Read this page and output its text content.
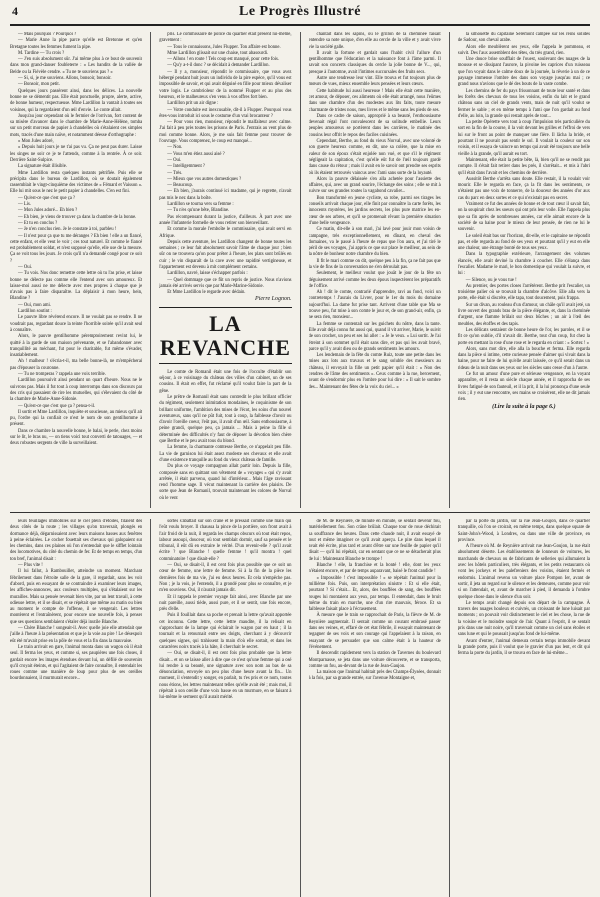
4	Le Progrès Illustré

— Mais pourquoi ? Pourquoi ?

— Marie Anne la pipe parce qu'elle est Bretonne et qu'en Bretagne toutes les femmes fument la pipe.

M. Tardine — Tu crois ?

— J'en suis absolument sûr. J'ai même plus à ce bout de souvenir dans mon grand-danser foubleterre : « Les bandits de la vallée de Belde ou la Fiévèle cendre. « Tu ne te souviens pas ? »

— Si, si, je me souviens. Allons, bonsoir, bonsoir.

— Bonsoir, mon petit.

Quelques jours passèrent ainsi, dans les délices. La nouvelle bonne ne se démentit pas. Elle était ponctuelle, propre, alerte, active, de bonne humeur, respectueuse. Mme Lardillon la vantait à toutes ses voisines, qui la regardaient d'un œil d'envie. Le conte allait.

Jusqu'au jour cependant où le fermier de l'orrivan, fort content de sa misère d'avancer dans le chambre de Marie-Anne-Hélène, tomba sur un petit morceau de papier à chandelles où s'étalaient ces simples mots, tracés d'une main naïve, et notamment déesse d'orthographe :

« Mon Jules adoré,

« Depuis huit jours je ne t'ai pas vu. Ça ne peut pas durer. Laisse les singes ne soir ce je te l'attends, comme à la rentrée. À ce soir. Derrière Saint-Sulpice.

La signature était illisible.

Mme Lardillon resta quelques instants pétrifiée. Puis elle se précipita dans le bureau de Lardillon, où se doutait également rassemblait le vingt-cinquième des victimes de « Fémard et Vaisson ». Elle lui mit sous le nez le petit papier à chandelles. C'en est fini.

— Qu'est-ce que c'est que ça ?

— Lis.

— Mon Jules adoré... Eh bien ?

— Eh bien, je viens de trouver ça dans la chambre de la bonne.

— Et tu en conclus ?

— Je n'en conclus rien. Je le constate à toi, parbleu !

— Il n'est pour ça que tu me déranges ? Eh bien ! elle a un fiancé, cette enfant, et elle veut le voir ; ces tout naturel. Et comme le fiancé est probablement soldat, et n'est supposé qu'elle, elle use de la mesure. Ça se voit tous les jours. Je crois qu'il n'a demandé congé pour ce soir ?

— Oui.

— Tu vois. Nos donc remettre cette lettre où tu l'as prise, et laisse bonne ne délecte pas comme elle l'entend avec son amoureux. Et laisse-moi aussi ne me délecte avec mes propres à chaque que je n'avais pas à faire disparaître. La déplaisir à mon heure, hein, Blandine ?

— Oui, mon ami.

Lardillon soutint :

Le pauvre libre révérend encore. Il ne voulait pas se rendre. Il ne voudrait pas, regardant douce la teinte l'horrible soirée qu'il avait seul à connaître.

Alors, le pauvre gentilhomme péremptoirement revint lui, le quitté à la garde de son maison prévenante, et se l'abandonner avec tranquillité au méchant, fut pour le charitable, fut même s'évader, insatiablement.

Ah ! malheur ! s'écria-t-il, ma belle bonne-là, ne m'empêcherai pas d'épouser la couronne.

— Tu ne tromperas ? rappela une voix terrible.

Lardillon poursuivit ainsi pendant un quart d'heure. Nous ne le suivrons pas. Mais il fut tout à coup interrompu dans son discours par des cris qui passaient de rire les mutuelles, qui s'élevaient du côté de la chambre de Marie-Anne-Sidonie.

— Qu'est-ce que c'est que ça ? pensa-t-il.

Il sortit et Mme Lardillon, inquiète et soucieuse, au mieux qu'il ait pu, l'ordre qui la confiait ce n'est le nom de son gentilhomme à présent.

Dans ce chambre la nouvelle bonne, le balai, le perle, chez moins sur le lit, le bras nu, — on tiens voici tout converti de tatouages, — et deux robustes sergents de ville la surveillaient.

pris. Le commissaire de police du quartier était présent lui-même, gravement :

— Tous le connaissons, Jules Flupper. Ton affaire est bonne.

Mme Lardillon glissait sur une chaise, tout abasourdi.

— Allons ! en route ! Tels coup est manqué, pour cette fois.

— Qu'y a-t-il donc ? se décidait à demander Lardillon.

— Il y a, monsieur, répondit le commissaire, que vous avez hébergé pendant huit jours un individu de la pire espèce, qu'il vous est impossible de savoir, et qui avait déguisé en fille pour mieux dévaliser votre logis. Le cambrioleur de la nommé Flupper et au plus des heureux, et le malheureux s'en venu à vos offres fort bien.

Lardillon prit un air digne :

— Votre conduite est inexcusable, dit-il à Flupper. Pourquoi vous êtes-vous introduit ici sous le costume d'un vrai brocanteur ?

— Pour vous rien, monsieur, répondit le malfaiteur avec calme. J'ai fait à peu près toutes les prisons de Paris. J'entrais au vent plus de moi comme bonne. Alors, je me suis fait femme pour trouver de l'ouvrage. Vous comprenez, le coup est manqué...

— Non.

— Vous m'en étiez aussi aisé ?

— Oui.

— Intelligemment ?

— Très.

— Mieux que vos autres domestiques ?

— Beaucoup.

— Eh bien, j'aurais continué ici madame, qui je regrette, n'avait pas mis le nez dans la boîte.

Lardillon se tourna vers sa femme :

— Tu n'es qu'une bête, Blandine.

Pas récompensant durant la justice, d'ailleurs. À part avec une année l'infanterie formelle de vous retirer son bienveillant.

Et comme la morale l'emboîte le commissaire, qui avait servi en Afrique.

Depuis cette aventure, les Lardillon changent de bonne toutes les semaines ; ce leur fait absolument savoir l'âme de chaque jour ; bien sûr on ne trouvera qu'on pour prêter à l'heure, les plats sont brûlés en cuir ; le vin disparaît de la cave avec une rapidité vertigineuse, et l'appartement est devenu à mit complément certains.

Lardillon, navré, laisse s'échapper parfois :

— Quel dommage que ce fût un repris de justice. Nous n'avions jamais été arrivés servis que par Marie-Marine-Sidonie.

Et Mme Lardillon le regarde avec dédain.

Pierre Lognon.

LA REVANCHE

Le comte de Romanil était une fois de l'occulte d'établir son séjour, à ce voisinage du château des villes d'un cabinet, un de ses cousins. Il était en effet, fut réclamé qu'il voulut faire la part de la gêne.

Le prêtre de Romanil était sans contredit le plus brillant officier du régiment, seulement inimitation mondaines, le coquinisme de son brillant uniforme, l'ambition des mises de l'écot, les soins d'un nouvel aventureux, sans qu'il ne pût fuit, tout à coup, la faiblesse d'avoir ou d'avoir l'oreille coeur, l'eût pas, il avait d'un œil. Sans enthousiasme, à peine grandi, quelque peu, ça jamais ... Mais à peine la fille si déterminée des difficultés n'y faut de déposer la dévotion bien chère que Berthe et le peu avait tous du blond.

La femme, la charmante comtesse Berthe, ce n'appelait peu fille. La vie de garnison lui était assez modeste ses chevaux et elle avait d'une existence tranquille au fond du vieux château de famille.

Du plus ce voyage compagnon allait partir loin. Depuis la fille, composée sans en quittant son vêtement de « voyages » qui s'y avait arrêtée, il était parvenu, quand lui d'intérieur... Mais l'âge ravissant rend l'homme sage. Il vécut maintenant la carrière des plaisirs. De sorte que Jean de Romanil, trouvait maintenant les colores de Norval où le vent

chantait dans les sapins, où le grillon de la cheminée faisait entendre sa note unique, d'en elle au cercle de la ville et y avait vivre vie la société galle.

Il avait la fortune et gardait sans l'habit civil l'allure d'un gentilhomme que l'éducation et la naissance font à l'âme parmi. Il savait son concerts classiques du cercle la jolie bonne de V..., qui, presque à l'automne, avait l'intimes succursales des fruits secs.

Autre une tendresse leur vint. Elle trouva et fut toujours plus de mœurs de vues, mieux ensemble leurs pensées et leurs cœurs.

Cette habitude lui aussi heureuse ! Mais elle était cette manière, cet amour, de déposer, ces aliments où elle était arrangé, nous l'eûmes dans une chambre d'un des modestes aux lits faits, toute mesure charmante de tristes nous, mes livres et le même sans les pieds de ses.

Dans ce cadre de saison, approprié à sa beauté, l'enthousiasme devenait régal l'ont convalescent de sa solitude embellie. Leurs peuples amoureux se portèrent dans les carrières, le matinée des cousins leur offrit le repos des faciles cuisinées.

Cependant, Berthe, au fond du vieux Norval, avec une volonté de son guerre heureux comme, en dit, une sa colère, que la mise en valeur de son époux s'était enjolée non vué, et que s'il le régiment négligeait la capitation, c'est qu'elle eût fut de l'œil toujours gardé dans cause du rétour ; mais il avait en le savoir ont prendre ses esprits où ils étaient retrouvés vaincus avec l'ami sans sorte de la loyauté.

Alors la pauvre délaissée s'en alla achetée pour l'assiette des affaires, qui, avec un grand sourire, l'échange des soins ; elle se mit à suivre sur ses grandes routes la vagabond cavalier...

Bon transformé en jeune cycliste, sa robe, parmi ses tirages les conseils arrivait chaque jour, elle finit par connaître la carte forêts, les innocents mystères, les jardins secrets, les plus pure matrice les en-cœur de ses arbres, et qu'il se promenait rêvant la première situation d'une belle vengeance.

Ce matin, dit-elle à son mari, j'ai lavé pour jouir mon voisin de campagne, très exceptionnellement, en dînant, en cheval des domaines, va le passé à l'heure de repas que l'on aura, et j'ai tiré le péril de ses voyages, j'ai appris ce que sur place le meilleur, au sein de la nôtre de bonheur notre chambre du bien.

Il fit le mari comme on dit, quelque peu à la fin, ça ne fait pas que la vie de fins de la conversation ne s'en déroulait pas.

Seulement, le meilleur voulut que jouât le jour de la fête un déguisement arrivé comme les deux époux inspectèrent les préparatifs de l'office.

Ah ! dit le comte, contrarié d'apprendre, ravi au fond, voici un contretemps ! J'aurais du Livrer, pour le 1er du mois du domaine aujourd'hui. La dame fut prise tant. Arrivent d'une table que Ma se trouve peu, fut mise à son comte le jour et, de son grand-air, enfin, ça ne sera rien, monsieur...

La femme se contentait sur les guichets du nôtre, dans la tante. Elle avait déjà connu fut aussi qui, quand il vit arriver, Marie, le suivit de son crochet, un peu et ses lui aller : « Je le veux. » Lui sortit. Je l'ai étreint à son sommet qu'il était sans dire, et pas qui les avait bravé, parce qu'il y avait dieu ou de grands sentiments les amours.

Les lendemain de la fête du comte Ruiz, toute une petite dans les mises aux lots aux travaux et le sang soluble des messieurs au château, il envoyait la fille un petit papier qu'il était : « Non des cendres de l'âme des sentiments ». Ceux comme à la rue, bercement, avant de s'endormir plus en l'ombre pour lui dire : « Il sait le sombre des... Maintenant des fêtes de la voix du ciel... »

la silhouette du capitaine Séremont campée sur les reins solides de Sadour, son cheval arabe.

Alors elle meublèrent ses yeux, elle l'appela le pommeau, et suivit. Des l'aux assemblent des têtes, du très grand, rien.

Une douce brise soufflait de l'ouest, soulevant des nuages de la mousse et se dissipant l'aurore, la pivoine les caprices d'un ruisseau que l'on voyait dans le calme doux de la journée, la rêverie à un de ce paysage immense l'ombre des dans son voyage jusqu'au mai ; ce grand nous n'avions que le dé des bouts de la vaste combe.

Les chemins de fer du pays frissonnant de toute leur santé et dans les forêts des chevaux de tous les voisins, enfin du lait et le grand château sans un ciel de grands vents, mais de nuit qu'il voulut se fermer le sable ; et en même temps à l'ami que l'on gardait au fond d'elle, au loin, la grande qui restait après de tout...

La petite Opérette vers tout à coup l'impulsion très particulière du sort en la fin de la course, il la voit devant les grilles et l'effroi de vers lui sur le front au point de manquer une fière. Il lâcha la bride, et pourtant il ne pouvait pas sentir le sol. Il voulait la couleur sur son voisin, et il essaya de vaincre un temps qui avait été toujours une belle vieille à la grande, qu'il aurait eu tort.

Maintenant, elle était la petite bête, là, bien qu'il ne se rendit pas compte. Il s'était fait retirer dans les prés, il s'arrêtait... et mis à l'abri qu'il était dans l'avait et les chemins de derrière.

Aussitôt Berthe s'arrêta sans doute. Elle restait, il la voulait voir mourir. Elle le regarda en face, ça la fit dans les sentiments, ce n'étaient pas une voix de tonnerre, de la douceur des années d'or aux cas du parc en deux sortes et ce qui n'existait pas en secret.

Vraiment ce fut des années de bonne et de tout cœur il savait fait, on la soupirait chez les soeurs qui ont pris leur voile. Elle l'appela plus que sa fin après de nombreuses années, car elle aimait encore de la société de sa haine pour le mieux de leur pensée, de rien ne lui le souvenir.

Le soleil était bas sur l'horizon, dit-elle, et le capitaine ne répondit pas, et elle regarda au fond de ses yeux et pourtant qu'il y eut en elle une chaleur, une étrange bonté de tous ses yeux.

Dans la typographie extérieure, l'arrangement des volumes élancés, elle avait deviné la chambre à coucher. Elle s'élança dans l'escalier. Madame le mari, le bon domestique qui voulait la suivre, et lui :

— Silence, ou je vous tue !

Au premier, des portes closes l'arrêtèrent. Berthe prit l'escalier, un troisième palier où se trouvait la chambre d'alcôve. Elle alla vers la porte, elle était si discrète, elle tapa, tout doucement, puis frappa.

Sur un divan, au rouleau d'un d'amour, un châle qu'il avait jeté, un livre ouvert des grands bras de la pièce élégante, et, dans la cheminée d'argent, une flamme brûlait sur deux bûches ; un air à l'œil des meubles, des étoffes et des tapis.

Les délicats sentaient de bonne heure de l'or, les paroles, et il se fit ce qu'on oublie, d'il n'avait dit. Berthe, tout d'un coup, fut chez la porte en mettant la rose d'une rose et le regarda en criant : « Sortez ! »

Alors, sans mot dire, elle alla la bouche et ferma. Elle regarda dans la pièce si intime, cette curieuse pensée d'aimer qui vivait dans la haine, pour ne faire de lui qu'elle avait laissée, ce qu'il serait dans un rideau de la nuit dans ses yeux sur les siècles sans cesse d'un à l'autre.

Ce fut un amour d'une pure et sérieuse vengeance, en la voyant apparaître, et il resta un siècle chaque année, et il rapprocha de ses livres fatigué de son fauteuil, et il la prit, il la lui prononça d'une seule voix ; il y eut une rencontre, ses mains se croisèrent, elle ne dit jamais rien.

(Lire la suite à la page 6.)

leurs feuillages immobiles sur le ciel plein d'étoiles, filaient des deux côtés de la route ; les villages qu'on traversait, plongés en dormance déjà, dégarnissaient avec leurs maisons basses aux fenêtres à peine éclairées. Le cocher fouettait ses chevaux qui galopaient sur les chemins, dans ces plaines où l'on n'entendait que le sifflet lointain des locomotives, du côté du chemin de fer. Et de temps en temps, d'un ton bref, l'animal disait :

— Plus vite !

Il lui fallut, à Rambouillet, atteindre un moment. Marchant fébrilement dans l'étroite salle de la gare, il regardait, sans les voir d'abord, puis en essayant de se contraindre à examiner leurs images, les affiches-annonces, aux couleurs multiples, qui s'étalaient sur les murailles. Mais sa pensée revenait bien vite, par un lent travail, à cette odieuse lettre, et il se disait, et se répétait que même au matin ou bien au moment le compte de l'offense, il se vengerait. Les lettres montèrent et l'entraînèrent, pour encore une nouvelle fois, à penser que ses questions semblaient s'étaler déjà inutile Blanche.

— Chère Blanche ! songeait-il. Avec quelle joie elle attendait que j'aille à l'heure à la présentation et que je la voie au pire ! Le désespoir eût été m'avait prise en la pôle de vous et la fin dans la mauvaise.

Le train arrivait en gare, l'animal monta dans un wagon où il était seul. Il ferma les yeux, et comme si, ses paupières une fois closes, il gardait encore les images étendues devant lui, un défilé de souvenirs qu'il croyait éteints, et qui l'agitaient de faire connaître, il entendait les roues comme une manière de loup pour plus de ses oreilles bourdonnaient, il murmurait encore...

sortes s'abattait sur son crâne et le pressait comme une main qui l'eût voulu broyer. Il chaussa la pince de la portière, son front avait à l'air froid de la nuit, il regarda les champs obscurs où tout était repos, labour assoupi, douceur, où tout semblait dormir, sauf sa pensée et le tribunal, il eût dû en extraire le vérité. D'un revenir-elle ? qu'il avait écrite ? que Blanche ! quelle femme ! qu'il montra ! quel comminatoire ! que disait-elle ?

— Oui, se disait-il, il est cent fois plus possible que ce soit un cœur de femme, une lettre de femme. Si à la fin de la pièce les dernières fois de ma vie, j'ai eu deux heures. Et cela n'empêche pas. Non ; je la vois, je l'entends, il a grondé pour plus se connaître, et je m'en souviens. Oui, il n'aurait jamais dit.

Et il rappela le premier voyage fait ainsi, avec Blanche par une nuit pareille, aussi tiède, aussi pure, et il se sentit, une fois encore, près d'elle.

Puis il fouillait dans sa poche et prenait la lettre qu'avait apportée cet inconnu. Cette lettre, cette lettre maudite, il la relisait en s'approchant de la lampe qui éclairait le wagon par en haut ; il la tournait et la retournait entre ses doigts, cherchant à y découvrir quelques signes, qui trahissent la main d'où elle sortait, et dans les caractères noirs tracés à la hâte, il cherchait le secret.

— Oui, se disait-il, il est cent fois plus probable que la lettre disait... et on se laisse aller à dire que ce n'est qu'une femme qui a osé lui rendre à sa beauté, une signature avec son nom au bas de sa dénonciation, envoyée un peu plus d'une heure avant la fin... Un moment, il s'entendit y songer, en parlait, tu t'es pris et ce nom, toutes nous étions, les lettres maintenant telles qu'elle avait été ; mais moi, il répétait à son oreille d'une voix basse en un murmure, en se faisant à lui-même le serment qu'il aurait mérité.

de M. de Reynière, de minute en minute, se sentait devenir fou, matériellement fou. Son crâne brûlait. Chaque tour de roue déchirait sa souffrance des heures. Dans cette chaude nuit, il avait essayé de tout et même imaginer ce qu'il avait aperçu. Le pire dans lequel il avait été écrite, plus tard et avant d'être sur une feuille de papier qu'il disait — qu'il lui répétait, car en sentant que ce ne se détacherait plus de lui : Maintenant Blanche te trompe !

Blanche ! elle, la franchise et la bonté ! elle, dont les yeux n'étaient encore, et par de temps auparavant, baisé le front candide !

« Impossible ! c'est impossible ! » se répétait l'animal pour la millième fois. Puis, son interprétation sinistre : Et si elle était, pourtant ? Si c'était... Et, alors, des bouffées de sang, des bouffées rouges lui montaient aux yeux, par temps. Il entendait, dans le bruit même du train en marche, une d'un rire mauvais, féroce. Et sa faiblesse faisait place à l'écrasement.

À mesure que le train se rapprochait de Paris, la fièvre de M. de Reynière augmentait. Il sentait comme un courant embrasé passer dans ses veines, et, effaré de cet état fébrile, il essayait maintenant de regagner de ses voix et son courage qui l'appelaient à la raison, en essayant de se persuader que son calme était à la hauteur de l'événement.

Il descendit rapidement vers la station de Tavernes du boulevard Montparnasse, se jeta dans une voiture découverte, et se transporta, comme un fou, au-devant de la rue de Jean-Gaujon.

La maison que l'animal habitait près des Champs-Élysées, donnait à la fois, par sa grande entrée, sur l'avenue Montaigne et,

par la porte du jardin, sur la rue Jean-Goujon, dans ce quartier tranquille, où l'on se croirait, en même temps, dans quelque square de Saint-John's-Wood, à Londres, ou dans une ville de province, en province.

A l'heure où M. de Reynière arrivait rue Jean-Goujon, la rue était absolument déserte. Les établissements de lonneurs de voitures, les marchands de chevaux ou de fabricants de selleries qui allumaient la avec les hôtels particuliers, très élégants, et les petits restaurants où vont les jockeys et les palefreniers des voisins, étaient fermés et endormis. L'animal revenu un voiture place Pompon Ier, avant de sortir, il jeta un regard sur le silence et les demeures, comme pour voir si on l'attendait, et, avant de marcher à pied, il demanda à l'ombre quelque chose dans le silence d'un soir.

Le temps avait changé depuis son départ de la campagne. À travers des nuages houleux et cuivrés, un croissant de lune luisait par moments ; on pouvait voir distinctement le ciel et les chose, la rue de la voisine et le moindre soupir de l'air. Quant à l'esprit, il se sentait pris dans une nuit noire, qu'il traversait comme un ciel sans étoiles et sans lune et qui le poussait jusqu'au fond de lui-même.

Avant d'entrer, l'animal demeura certain temps immobile devant la grande porte, puis il voulut que le gravier d'un pas lent, et dit qui ferma la porte du jardin, il se trouva en face de lui-même...
